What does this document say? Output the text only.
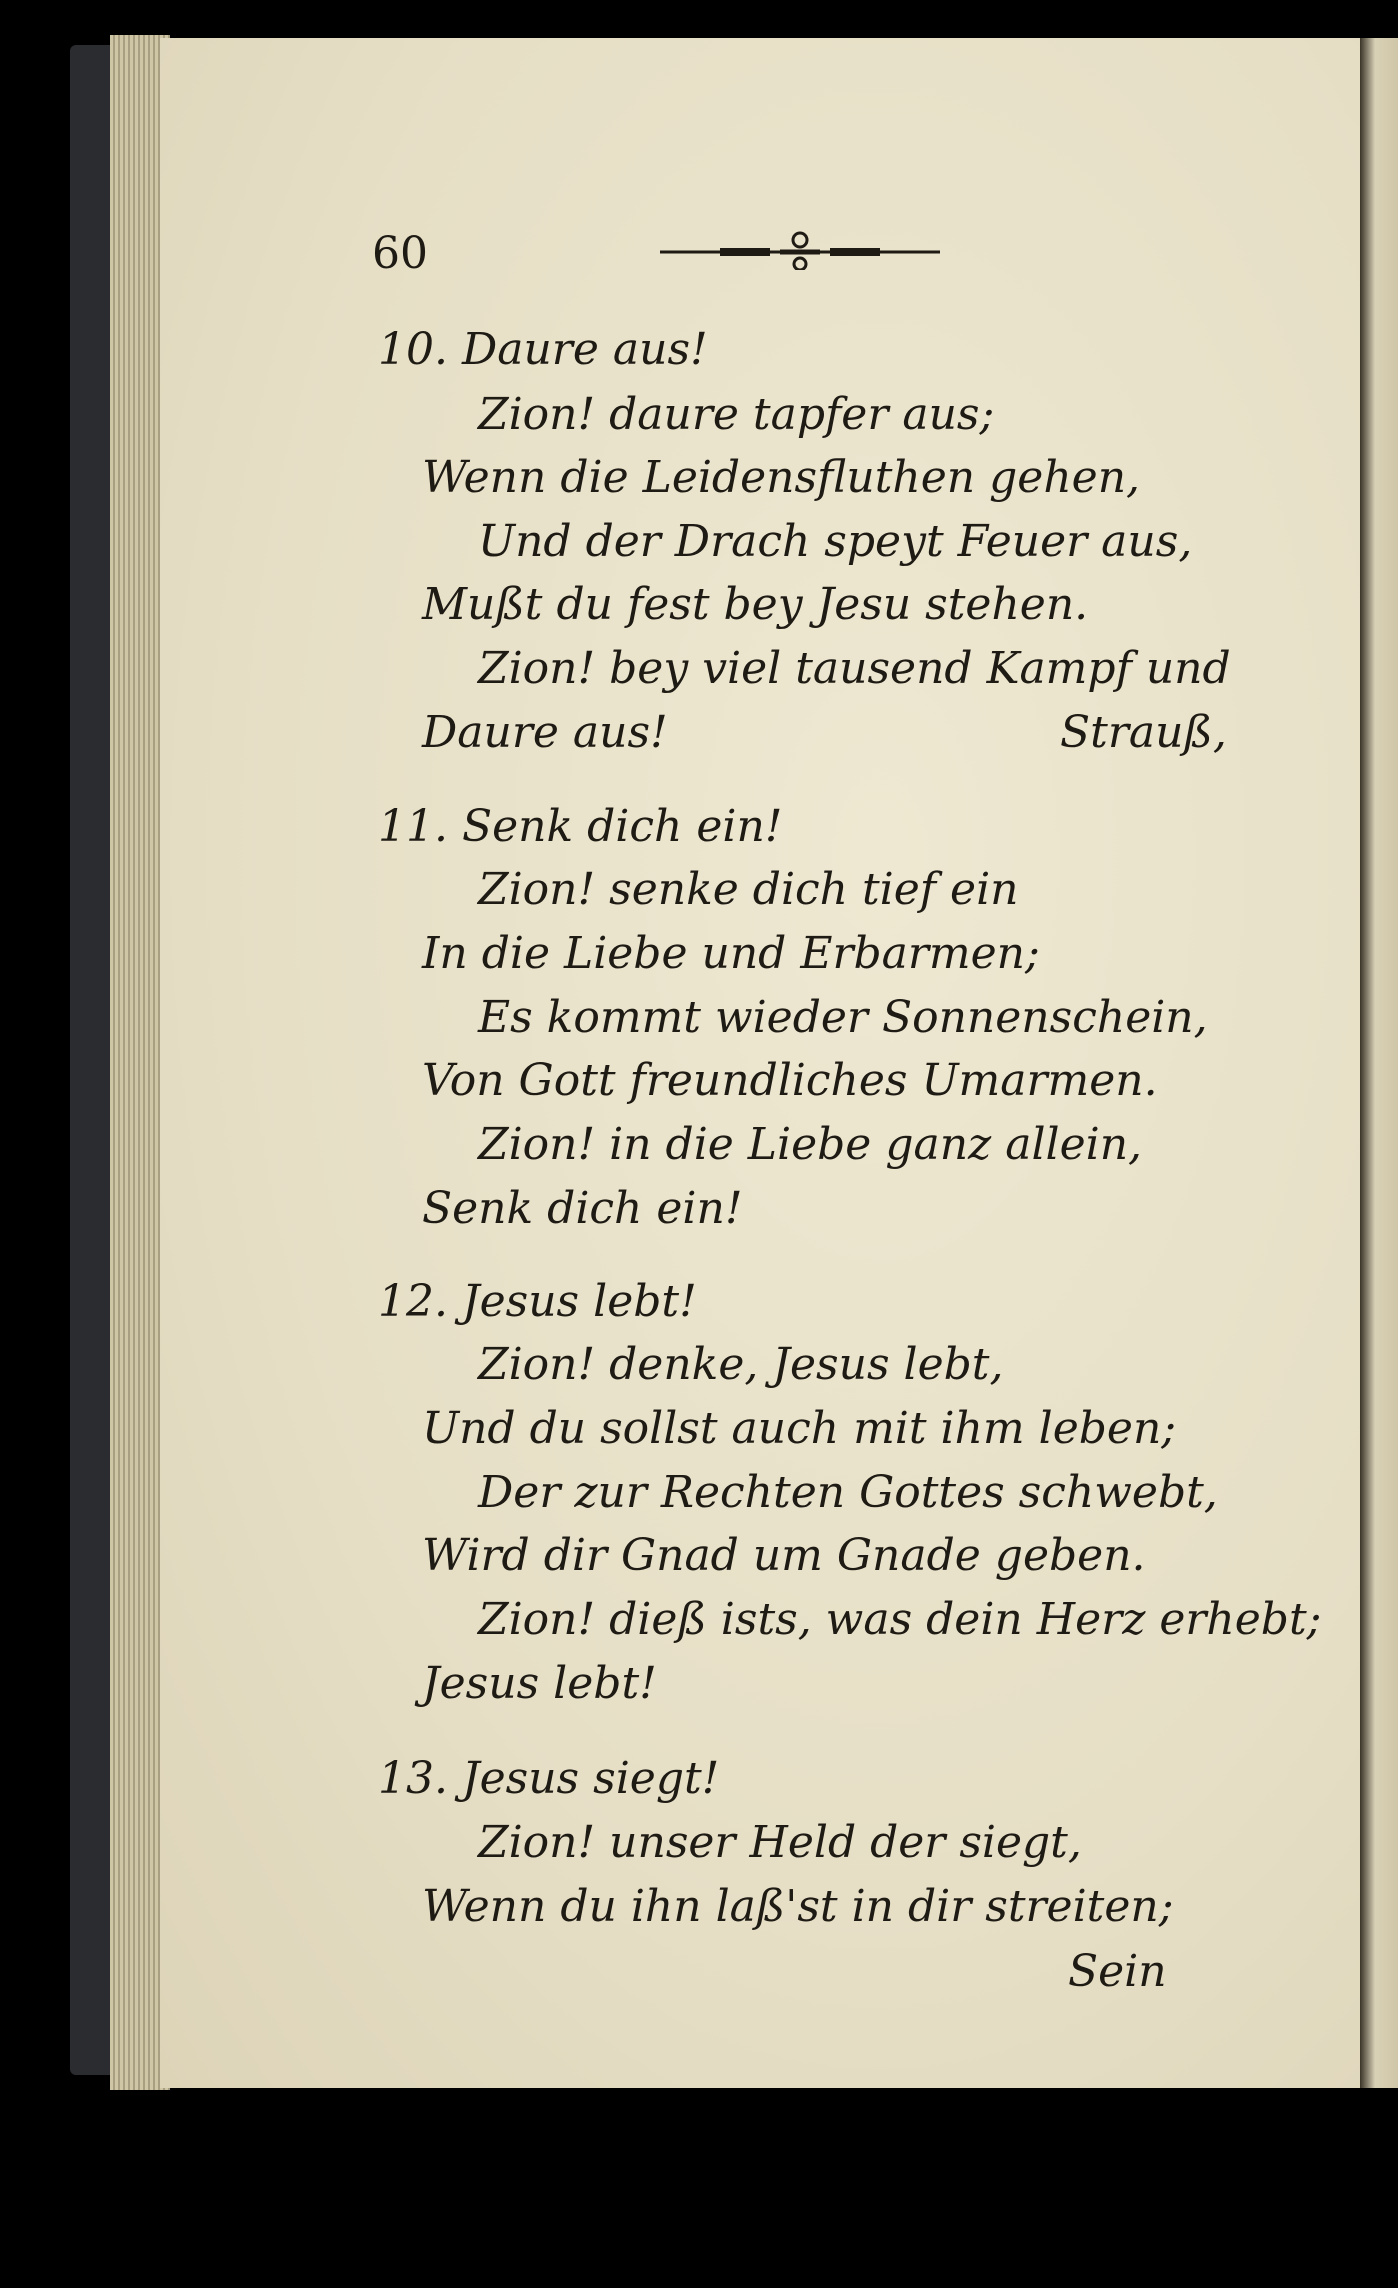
60
10. Daure aus!
Zion! daure tapfer aus;
Wenn die Leidensfluthen gehen,
Und der Drach speyt Feuer aus,
Mußt du fest bey Jesu stehen.
Zion! bey viel tausend Kampf und
Daure aus!	Strauß,
11. Senk dich ein!
Zion! senke dich tief ein
In die Liebe und Erbarmen;
Es kommt wieder Sonnenschein,
Von Gott freundliches Umarmen.
Zion! in die Liebe ganz allein,
Senk dich ein!
12. Jesus lebt!
Zion! denke, Jesus lebt,
Und du sollst auch mit ihm leben;
Der zur Rechten Gottes schwebt,
Wird dir Gnad um Gnade geben.
Zion! dieß ists, was dein Herz erhebt;
Jesus lebt!
13. Jesus siegt!
Zion! unser Held der siegt,
Wenn du ihn laß'st in dir streiten;
Sein
